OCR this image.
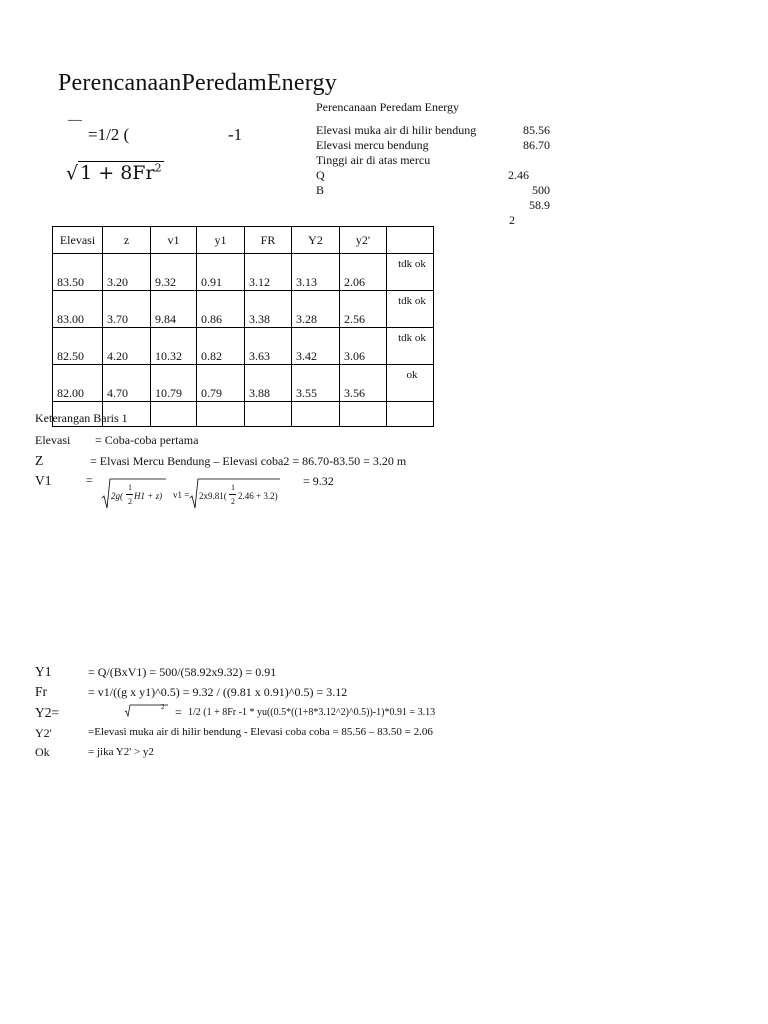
PerencanaanPeredamEnergy
__
=1/2 (	-1
√ $1 + 8Fr^2$
Perencanaan Peredam Energy
Elevasi muka air di hilir bendung	85.56
Elevasi mercu bendung	86.70
Tinggi air di atas mercu
Q	2.46
B	500
58.9
2
Elevasi	z	v1	y1	FR	Y2	y2'	
83.50	3.20	9.32	0.91	3.12	3.13	2.06	tdk ok
83.00	3.70	9.84	0.86	3.38	3.28	2.56	tdk ok
82.50	4.20	10.32	0.82	3.63	3.42	3.06	tdk ok
82.00	4.70	10.79	0.79	3.88	3.55	3.56	ok

Keterangan Baris 1
Elevasi = Coba-coba pertama
Z	= Elvasi Mercu Bendung – Elevasi coba2 = 86.70-83.50 = 3.20 m
V1	=
2g(
1
2
H1 + z) v1 = 2x9.81(
1
2
2.46 + 3.2)
= 9.32
Y1	= Q/(BxV1) = 500/(58.92x9.32) = 0.91
Fr	= v1/((g x y1)^0.5) = 9.32 / ((9.81 x 0.91)^0.5) = 3.12
Y2=	2 = 1/2 (1 + 8Fr -1 * yu((0.5*((1+8*3.12^2)^0.5))-1)*0.91 = 3.13
Y2'	=Elevasi muka air di hilir bendung - Elevasi coba coba = 85.56 – 83.50 = 2.06
Ok	= jika Y2' > y2
